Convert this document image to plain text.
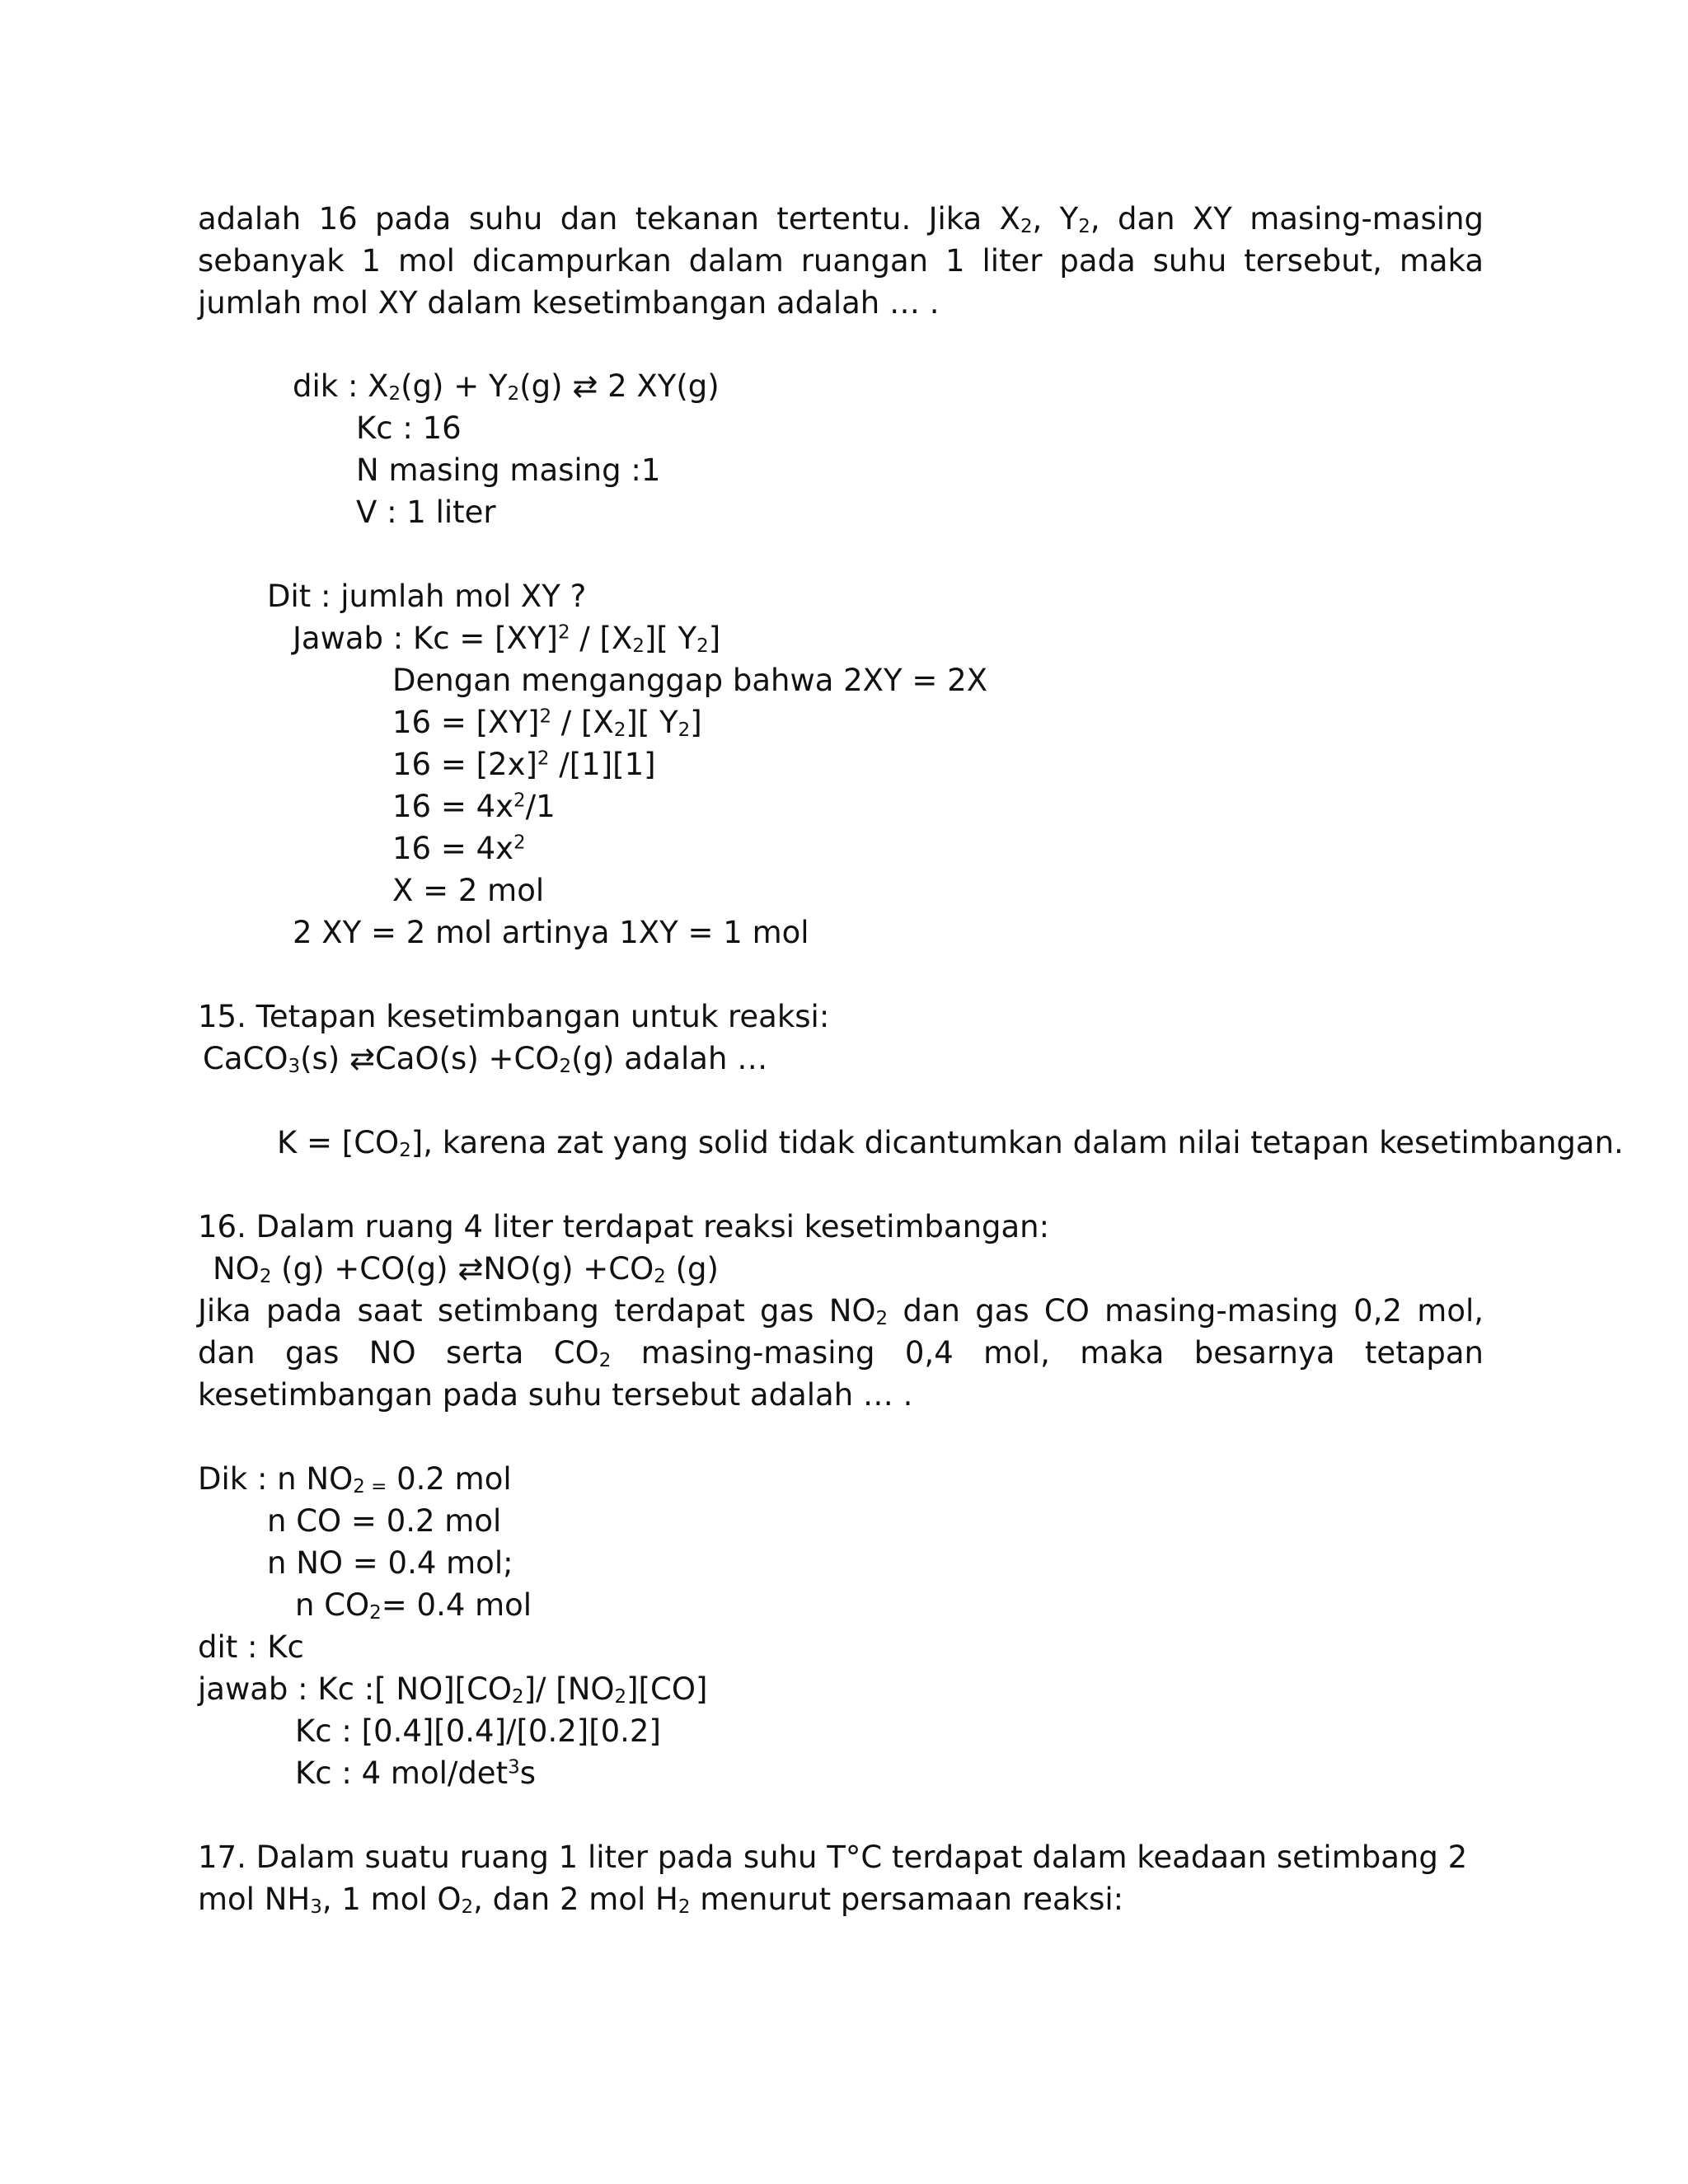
adalah 16 pada suhu dan tekanan tertentu. Jika $X_2$, $Y_2$, dan XY masing-masing sebanyak 1 mol dicampurkan dalam ruangan 1 liter pada suhu tersebut, maka jumlah mol XY dalam kesetimbangan adalah … .
dik : $X_2(g) + Y_2(g)$ ⇄ 2 XY(g)
Kc : 16
N masing masing :1
V : 1 liter
Dit : jumlah mol XY ?
Jawab : $Kc = [XY]^2 / [X_2]$[ $Y_2$]
Dengan menganggap bahwa 2XY = 2X
$16 = [XY]^2 / [X_2]$[ $Y_2$]
$16 = [2x]^2$ /[1][1]
$16 = 4x^2/1$
$16 = 4x^2$
X = 2 mol
2 XY = 2 mol artinya 1XY = 1 mol
15. Tetapan kesetimbangan untuk reaksi:
CaCO$_3$(s) ⇄CaO(s) $+CO_2(g)$ adalah …
$K = [CO_2]$, karena zat yang solid tidak dicantumkan dalam nilai tetapan kesetimbangan.
16. Dalam ruang 4 liter terdapat reaksi kesetimbangan:
$NO_2$ (g) +CO(g) ⇄NO(g) $+CO_2$ (g)
Jika pada saat setimbang terdapat gas $NO_2$ dan gas CO masing-masing 0,2 mol, dan gas NO serta $CO_2$ masing-masing 0,4 mol, maka besarnya tetapan kesetimbangan pada suhu tersebut adalah … .
Dik : n $NO_{2 =}$ 0.2 mol
n CO = 0.2 mol
n NO = 0.4 mol;
n $CO_2= 0.4$ mol
dit : Kc
jawab : Kc :[ $NO][CO_2]/$ $[NO_2][CO]$
Kc : [0.4][0.4]/[0.2][0.2]
Kc : 4 mol/$\det^3s$
17. Dalam suatu ruang 1 liter pada suhu T°C terdapat dalam keadaan setimbang 2
mol $NH_3$, 1 mol $O_2$, dan 2 mol $H_2$ menurut persamaan reaksi:
